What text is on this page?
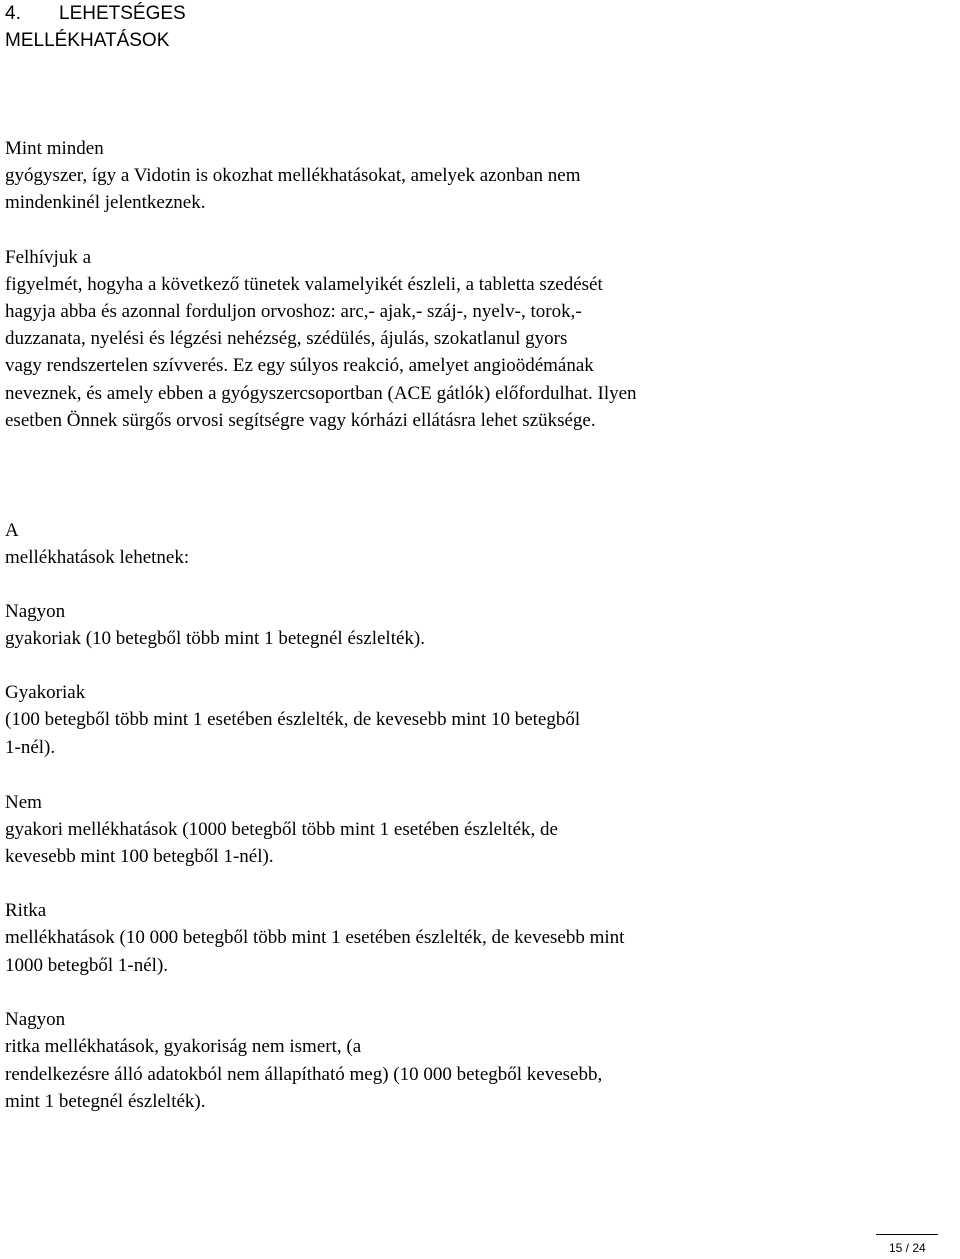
4. LEHETSÉGES
MELLÉKHATÁSOK
Mint minden
gyógyszer, így a Vidotin is okozhat mellékhatásokat, amelyek azonban nem
mindenkinél jelentkeznek.
Felhívjuk a
figyelmét, hogyha a következő tünetek valamelyikét észleli, a tabletta szedését
hagyja abba és azonnal forduljon orvoshoz: arc,- ajak,- száj-, nyelv-, torok,-
duzzanata, nyelési és légzési nehézség, szédülés, ájulás, szokatlanul gyors
vagy rendszertelen szívverés. Ez egy súlyos reakció, amelyet angioödémának
neveznek, és amely ebben a gyógyszercsoportban (ACE gátlók) előfordulhat. Ilyen
esetben Önnek sürgős orvosi segítségre vagy kórházi ellátásra lehet szüksége.
A
mellékhatások lehetnek:
Nagyon
gyakoriak (10 betegből több mint 1 betegnél észlelték).
Gyakoriak
(100 betegből több mint 1 esetében észlelték, de kevesebb mint 10 betegből
1-nél).
Nem
gyakori mellékhatások (1000 betegből több mint 1 esetében észlelték, de
kevesebb mint 100 betegből 1-nél).
Ritka
mellékhatások (10 000 betegből több mint 1 esetében észlelték, de kevesebb mint
1000 betegből 1-nél).
Nagyon
ritka mellékhatások, gyakoriság nem ismert, (a
rendelkezésre álló adatokból nem állapítható meg) (10 000 betegből kevesebb,
mint 1 betegnél észlelték).
15 / 24
